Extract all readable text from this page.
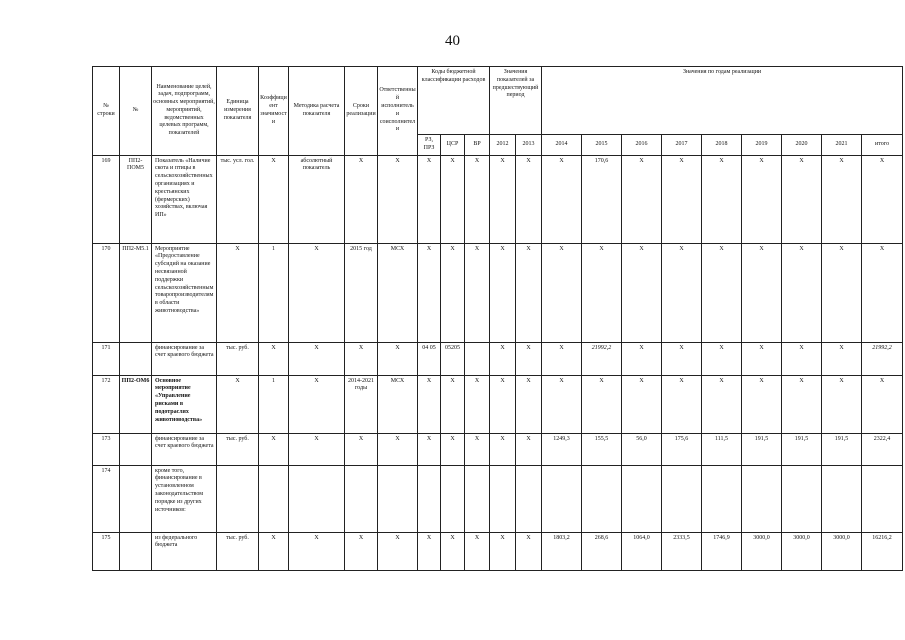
40
№ строки	№	Наименование целей, задач, подпрограмм, основных мероприятий, мероприятий, ведомственных целевых программ, показателей	Единица измерения показателя	Коэффициент значимости	Методика расчета показателя	Сроки реализации	Ответственный исполнитель и соисполнители	Коды бюджетной классификации расходов			Значения показателей за предшествующий период		Значения по годам реализации								
								РЗ, ПРЗ	ЦСР	ВР	2012	2013	2014	2015	2016	2017	2018	2019	2020	2021	итого
169	ПП2-ПОМ5	Показатель «Наличие скота и птицы в сельскохозяйственных организациях и крестьянских (фермерских) хозяйствах, включая ИП»	тыс. усл. гол.	X	абсолютный показатель	X	X	X	X	X	X	X	X	170,6	X	X	X	X	X	X	X
170	ПП2-М5.1	Мероприятие «Предоставление субсидий на оказание несвязанной поддержки сельскохозяйственным товаропроизводителям в области животноводства»	X	1	X	2015 год	МСХ	X	X	X	X	X	X	X	X	X	X	X	X	X	X
171		финансирование за счет краевого бюджета	тыс. руб.	X	X	X	X	04 05	05205		X	X	X	21992,2	X	X	X	X	X	X	21992,2
172	ПП2-ОМ6	Основное мероприятие «Управление рисками в подотраслях животноводства»	X	1	X	2014-2021 годы	МСХ	X	X	X	X	X	X	X	X	X	X	X	X	X	X
173		финансирование за счет краевого бюджета	тыс. руб.	X	X	X	X	X	X	X	X	X	1249,3	155,5	56,0	175,6	111,5	191,5	191,5	191,5	2322,4
174		кроме того, финансирование в установленном законодательством порядке из других источников:																			
175		из федерального бюджета	тыс. руб.	X	X	X	X	X	X	X	X	X	1803,2	268,6	1064,0	2333,5	1746,9	3000,0	3000,0	3000,0	16216,2
